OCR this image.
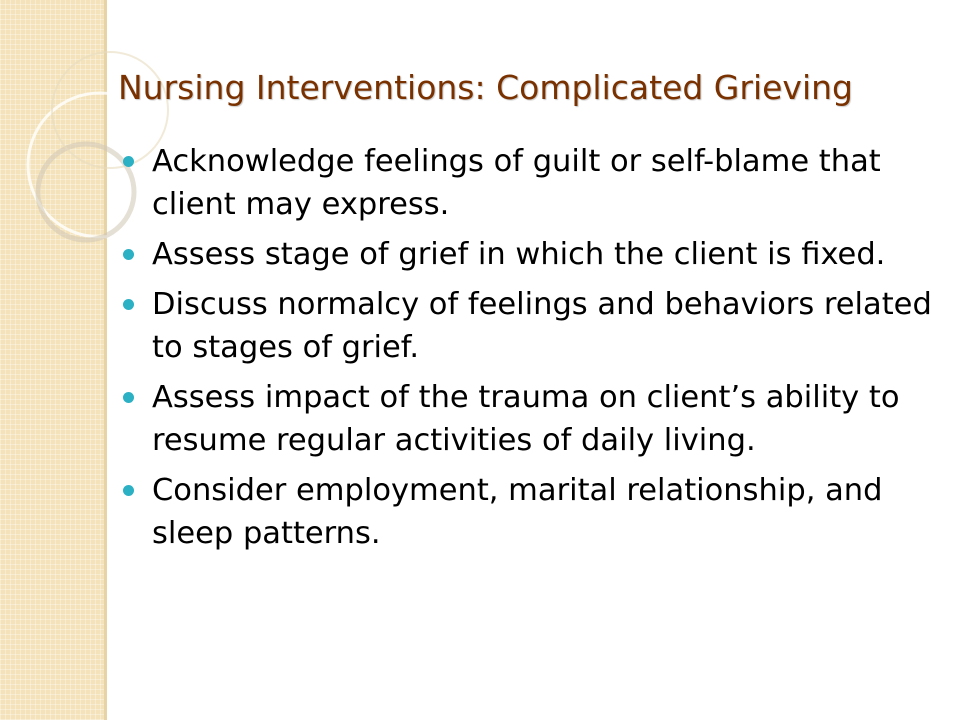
Nursing Interventions: Complicated Grieving
Acknowledge feelings of guilt or self-blame that client may express.
Assess stage of grief in which the client is fixed.
Discuss normalcy of feelings and behaviors related to stages of grief.
Assess impact of the trauma on client’s ability to resume regular activities of daily living.
Consider employment, marital relationship, and sleep patterns.
